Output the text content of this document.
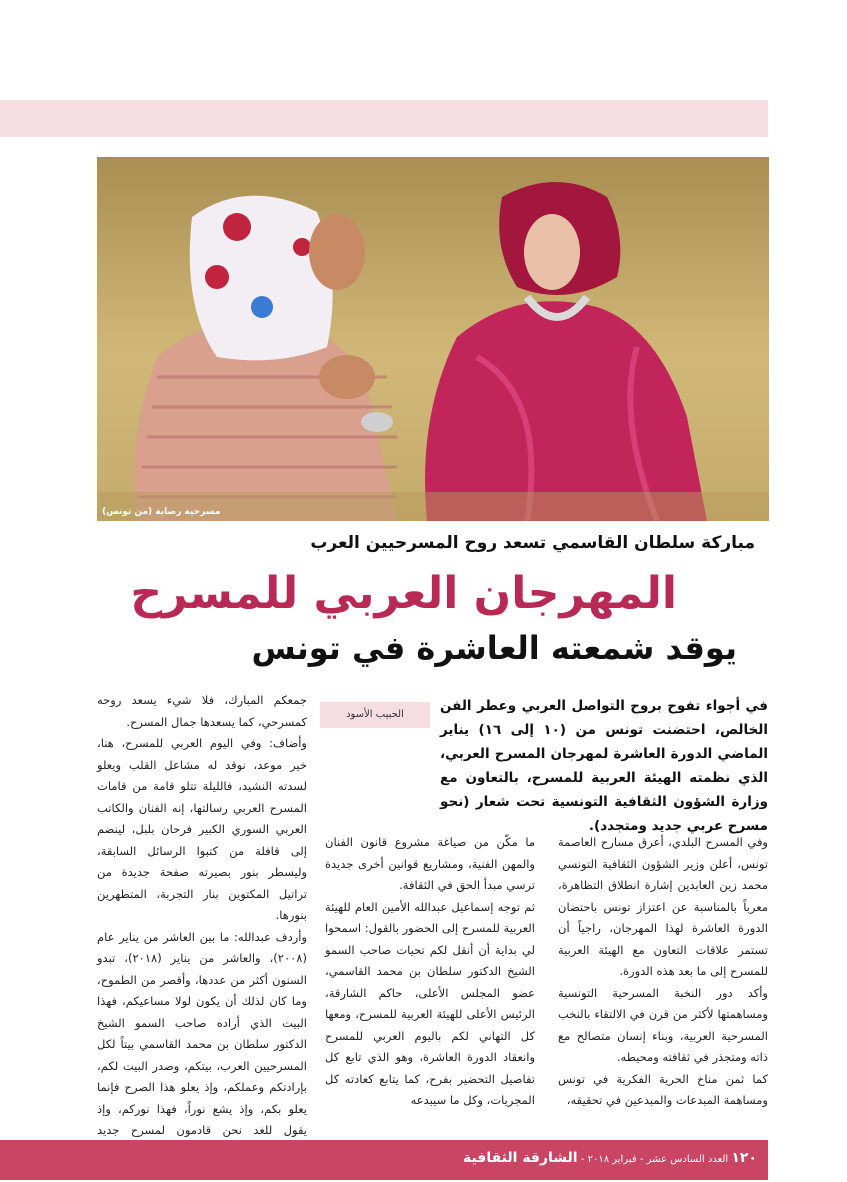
مسرحية رصاية (من تونس)
مباركة سلطان القاسمي تسعد روح المسرحيين العرب
المهرجان العربي للمسرح
يوقد شمعته العاشرة في تونس
الحبيب الأسود
في أجواء تفوح بروح التواصل العربي وعطر الفن الخالص، احتضنت تونس من (١٠ إلى ١٦) يناير الماضي الدورة العاشرة لمهرجان المسرح العربي، الذي نظمته الهيئة العربية للمسرح، بالتعاون مع وزارة الشؤون الثقافية التونسية تحت شعار (نحو مسرح عربي جديد ومتجدد).

وفي المسرح البلدي، أعرق مسارح العاصمة تونس، أعلن وزير الشؤون الثقافية التونسي محمد زين العابدين إشارة انطلاق التظاهرة، معرباً بالمناسبة عن اعتزاز تونس باحتضان الدورة العاشرة لهذا المهرجان، راجياً أن تستمر علاقات التعاون مع الهيئة العربية للمسرح إلى ما بعد هذه الدورة.

وأكد دور النخبة المسرحية التونسية ومساهمتها لأكثر من قرن في الالتقاء بالنخب المسرحية العربية، وبناء إنسان متصالح مع ذاته ومتجذر في ثقافته ومحيطه.

كما ثمن مناخ الحرية الفكرية في تونس ومساهمة المبدعات والمبدعين في تحقيقه،

ما مكّن من صياغة مشروع قانون الفنان والمهن الفنية، ومشاريع قوانين أخرى جديدة ترسي مبدأ الحق في الثقافة.

ثم توجه إسماعيل عبدالله الأمين العام للهيئة العربية للمسرح إلى الحضور بالقول: اسمحوا لي بداية أن أنقل لكم تحيات صاحب السمو الشيخ الدكتور سلطان بن محمد القاسمي، عضو المجلس الأعلى، حاكم الشارقة، الرئيس الأعلى للهيئة العربية للمسرح، ومعها كل التهاني لكم باليوم العربي للمسرح وانعقاد الدورة العاشرة، وهو الذي تابع كل تفاصيل التحضير بفرح، كما يتابع كعادته كل المجريات، وكل ما سيبدعه

جمعكم المبارك، فلا شيء يسعد روحه كمسرحي، كما يسعدها جمال المسرح.

وأضاف: وفي اليوم العربي للمسرح، هنا، خير موعد، نوقد له مشاعل القلب ويعلو لسدته النشيد، فالليلة تتلو قامة من قامات المسرح العربي رسالتها، إنه الفنان والكاتب العربي السوري الكبير فرحان بلبل، لينضم إلى قافلة من كتبوا الرسائل السابقة، وليسطر بنور بصيرته صفحة جديدة من تراتيل المكتوين بنار التجربة، المتطهرين بنورها.

وأردف عبدالله: ما بين العاشر من يناير عام (٢٠٠٨)، والعاشر من يناير (٢٠١٨)، تبدو السنون أكثر من عددها، وأقصر من الطموح، وما كان لذلك أن يكون لولا مساعيكم، فهذا البيت الذي أراده صاحب السمو الشيخ الدكتور سلطان بن محمد القاسمي بيتاً لكل المسرحيين العرب، بيتكم، وصدر البيت لكم، بإرادتكم وعملكم، وإذ يعلو هذا الصرح فإنما يعلو بكم، وإذ يشع نوراً، فهذا نوركم، وإذ يقول للغد نحن قادمون لمسرح جديد

١٢٠ العدد السادس عشر - فبراير ٢٠١٨ - الشارقة الثقافية
